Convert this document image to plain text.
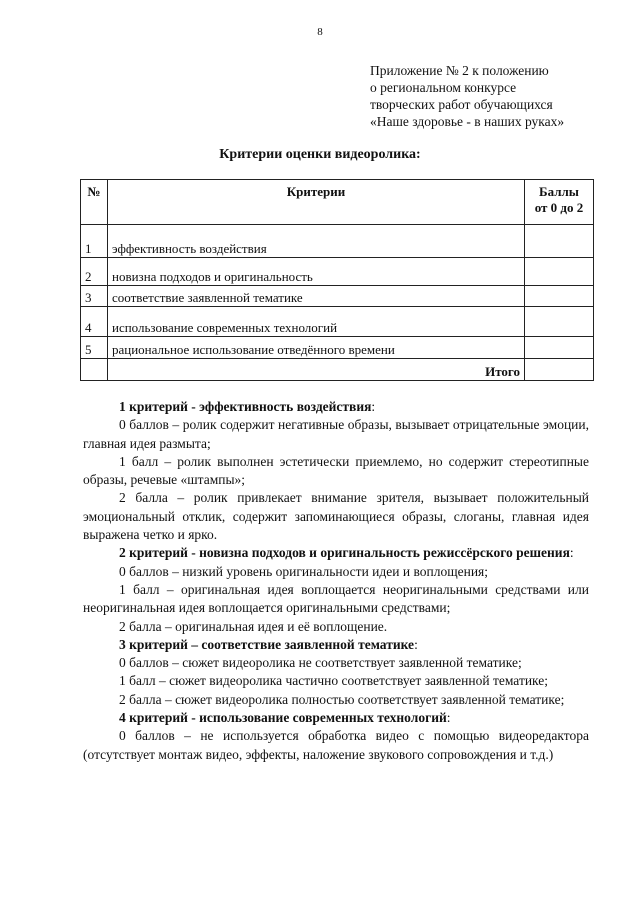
8
Приложение № 2 к положению
о региональном конкурсе
творческих работ обучающихся
«Наше здоровье - в наших руках»
Критерии оценки видеоролика:
№	Критерии	Баллы
от 0 до 2

1	эффективность воздействия	
2	новизна подходов и оригинальность	
3	соответствие заявленной тематике	
4	использование современных технологий	
5	рациональное использование отведённого времени	
	Итого	

1 критерий - эффективность воздействия:

0 баллов – ролик содержит негативные образы, вызывает отрицательные эмоции, главная идея размыта;

1 балл – ролик выполнен эстетически приемлемо, но содержит стереотипные образы, речевые «штампы»;

2 балла – ролик привлекает внимание зрителя, вызывает положительный эмоциональный отклик, содержит запоминающиеся образы, слоганы, главная идея выражена четко и ярко.

2 критерий - новизна подходов и оригинальность режиссёрского решения:

0 баллов – низкий уровень оригинальности идеи и воплощения;

1 балл – оригинальная идея воплощается неоригинальными средствами или неоригинальная идея воплощается оригинальными средствами;

2 балла – оригинальная идея и её воплощение.

3 критерий – соответствие заявленной тематике:

0 баллов – сюжет видеоролика не соответствует заявленной тематике;

1 балл – сюжет видеоролика частично соответствует заявленной тематике;

2 балла – сюжет видеоролика полностью соответствует заявленной тематике;

4 критерий - использование современных технологий:

0 баллов – не используется обработка видео с помощью видеоредактора (отсутствует монтаж видео, эффекты, наложение звукового сопровождения и т.д.)
